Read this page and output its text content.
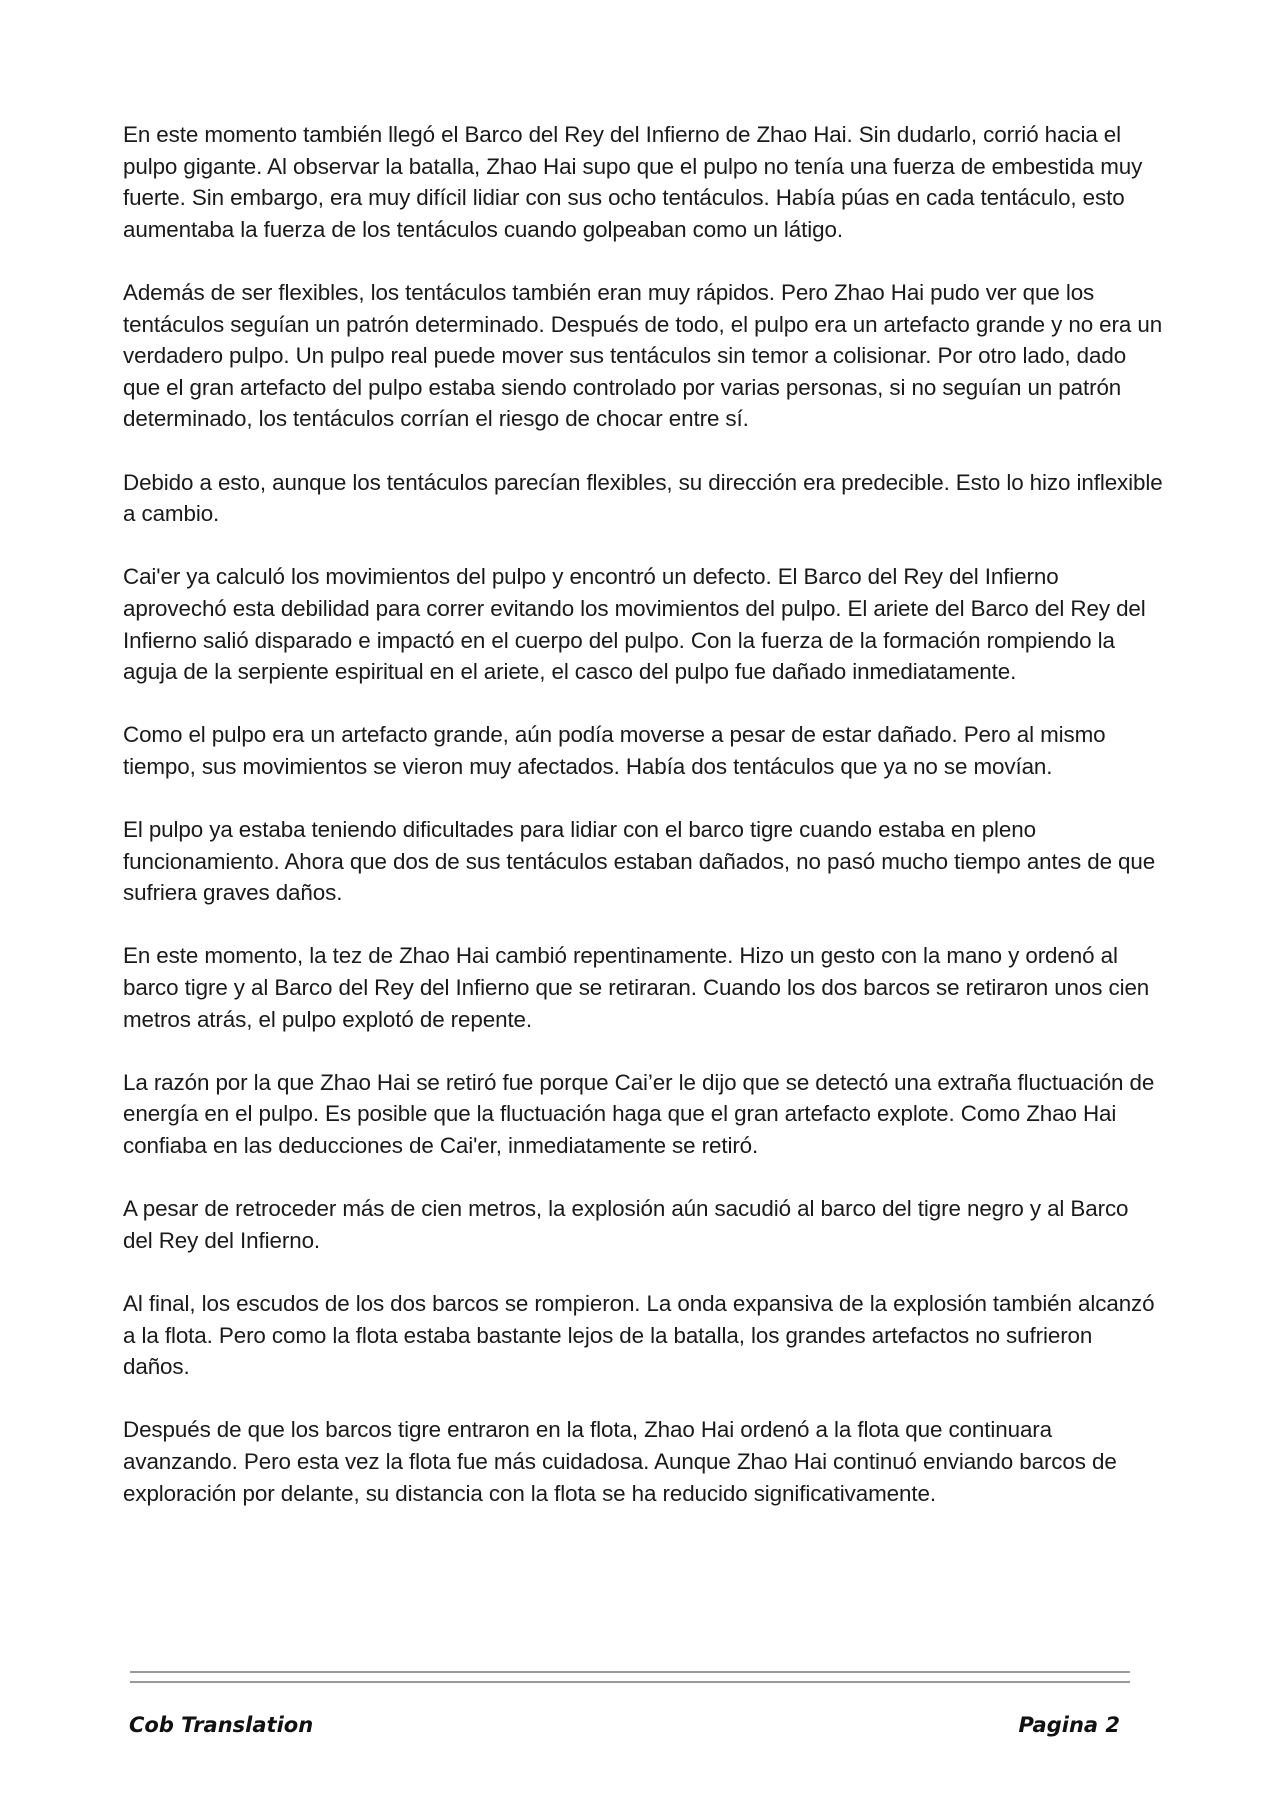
En este momento también llegó el Barco del Rey del Infierno de Zhao Hai. Sin dudarlo, corrió hacia el pulpo gigante. Al observar la batalla, Zhao Hai supo que el pulpo no tenía una fuerza de embestida muy fuerte. Sin embargo, era muy difícil lidiar con sus ocho tentáculos. Había púas en cada tentáculo, esto aumentaba la fuerza de los tentáculos cuando golpeaban como un látigo.

Además de ser flexibles, los tentáculos también eran muy rápidos. Pero Zhao Hai pudo ver que los tentáculos seguían un patrón determinado. Después de todo, el pulpo era un artefacto grande y no era un verdadero pulpo. Un pulpo real puede mover sus tentáculos sin temor a colisionar. Por otro lado, dado que el gran artefacto del pulpo estaba siendo controlado por varias personas, si no seguían un patrón determinado, los tentáculos corrían el riesgo de chocar entre sí.

Debido a esto, aunque los tentáculos parecían flexibles, su dirección era predecible. Esto lo hizo inflexible a cambio.

Cai'er ya calculó los movimientos del pulpo y encontró un defecto. El Barco del Rey del Infierno aprovechó esta debilidad para correr evitando los movimientos del pulpo. El ariete del Barco del Rey del Infierno salió disparado e impactó en el cuerpo del pulpo. Con la fuerza de la formación rompiendo la aguja de la serpiente espiritual en el ariete, el casco del pulpo fue dañado inmediatamente.

Como el pulpo era un artefacto grande, aún podía moverse a pesar de estar dañado. Pero al mismo tiempo, sus movimientos se vieron muy afectados. Había dos tentáculos que ya no se movían.

El pulpo ya estaba teniendo dificultades para lidiar con el barco tigre cuando estaba en pleno funcionamiento. Ahora que dos de sus tentáculos estaban dañados, no pasó mucho tiempo antes de que sufriera graves daños.

En este momento, la tez de Zhao Hai cambió repentinamente. Hizo un gesto con la mano y ordenó al barco tigre y al Barco del Rey del Infierno que se retiraran. Cuando los dos barcos se retiraron unos cien metros atrás, el pulpo explotó de repente.

La razón por la que Zhao Hai se retiró fue porque Cai’er le dijo que se detectó una extraña fluctuación de energía en el pulpo. Es posible que la fluctuación haga que el gran artefacto explote. Como Zhao Hai confiaba en las deducciones de Cai'er, inmediatamente se retiró.

A pesar de retroceder más de cien metros, la explosión aún sacudió al barco del tigre negro y al Barco del Rey del Infierno.

Al final, los escudos de los dos barcos se rompieron. La onda expansiva de la explosión también alcanzó a la flota. Pero como la flota estaba bastante lejos de la batalla, los grandes artefactos no sufrieron daños.

Después de que los barcos tigre entraron en la flota, Zhao Hai ordenó a la flota que continuara avanzando. Pero esta vez la flota fue más cuidadosa. Aunque Zhao Hai continuó enviando barcos de exploración por delante, su distancia con la flota se ha reducido significativamente.

Cob Translation	Pagina 2
